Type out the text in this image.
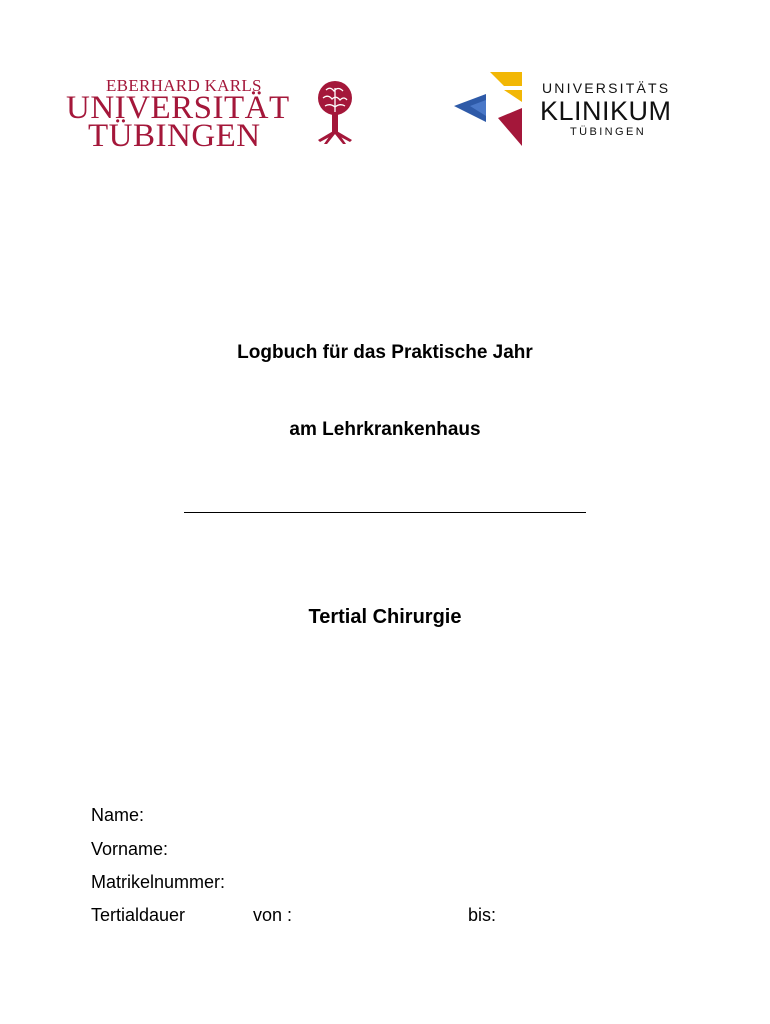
EBERHARD KARLS
UNIVERSITÄT
TÜBINGEN
UNIVERSITÄTS
KLINIKUM
TÜBINGEN
Logbuch für das Praktische Jahr
am Lehrkrankenhaus
Tertial Chirurgie
Name:
Vorname:
Matrikelnummer:
Tertialdauer	von :	bis:
